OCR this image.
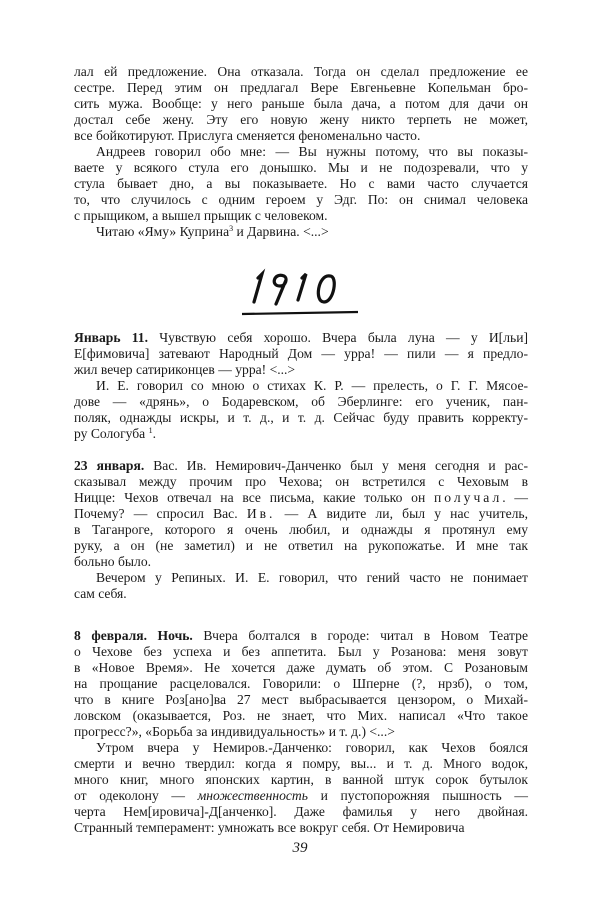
лал ей предложение. Она отказала. Тогда он сделал предложение ее
сестре. Перед этим он предлагал Вере Евгеньевне Копельман бро-
сить мужа. Вообще: у него раньше была дача, а потом для дачи он
достал себе жену. Эту его новую жену никто терпеть не может,
все бойкотируют. Прислуга сменяется феноменально часто.
Андреев говорил обо мне: — Вы нужны потому, что вы показы-
ваете у всякого стула его донышко. Мы и не подозревали, что у
стула бывает дно, а вы показываете. Но с вами часто случается
то, что случилось с одним героем у Эдг. По: он снимал человека
с прыщиком, а вышел прыщик с человеком.
Читаю «Яму» Куприна$^3$ и Дарвина. <...>
Январь 11. Чувствую себя хорошо. Вчера была луна — у И[льи]
Е[фимовича] затевают Народный Дом — урра! — пили — я предло-
жил вечер сатириконцев — урра! <...>
И. Е. говорил со мною о стихах К. Р. — прелесть, о Г. Г. Мясое-
дове — «дрянь», о Бодаревском, об Эберлинге: его ученик, пан-
поляк, однажды искры, и т. д., и т. д. Сейчас буду править корректу-
ру Сологуба $^1$.
23 января. Вас. Ив. Немирович-Данченко был у меня сегодня и рас-
сказывал между прочим про Чехова; он встретился с Чеховым в
Ницце: Чехов отвечал на все письма, какие только он получал. —
Почему? — спросил Вас. Ив. — А видите ли, был у нас учитель,
в Таганроге, которого я очень любил, и однажды я протянул ему
руку, а он (не заметил) и не ответил на рукопожатье. И мне так
больно было.
Вечером у Репиных. И. Е. говорил, что гений часто не понимает
сам себя.
8 февраля. Ночь. Вчера болтался в городе: читал в Новом Театре
о Чехове без успеха и без аппетита. Был у Розанова: меня зовут
в «Новое Время». Не хочется даже думать об этом. С Розановым
на прощание расцеловался. Говорили: о Шперне (?, нрзб), о том,
что в книге Роз[ано]ва 27 мест выбрасывается цензором, о Михай-
ловском (оказывается, Роз. не знает, что Мих. написал «Что такое
прогресс?», «Борьба за индивидуальность» и т. д.) <...>
Утром вчера у Немиров.-Данченко: говорил, как Чехов боялся
смерти и вечно твердил: когда я помру, вы... и т. д. Много водок,
много книг, много японских картин, в ванной штук сорок бутылок
от одеколону — множественность и пустопорожняя пышность —
черта Нем[ировича]-Д[анченко]. Даже фамилья у него двойная.
Странный темперамент: умножать все вокруг себя. От Немировича
39
